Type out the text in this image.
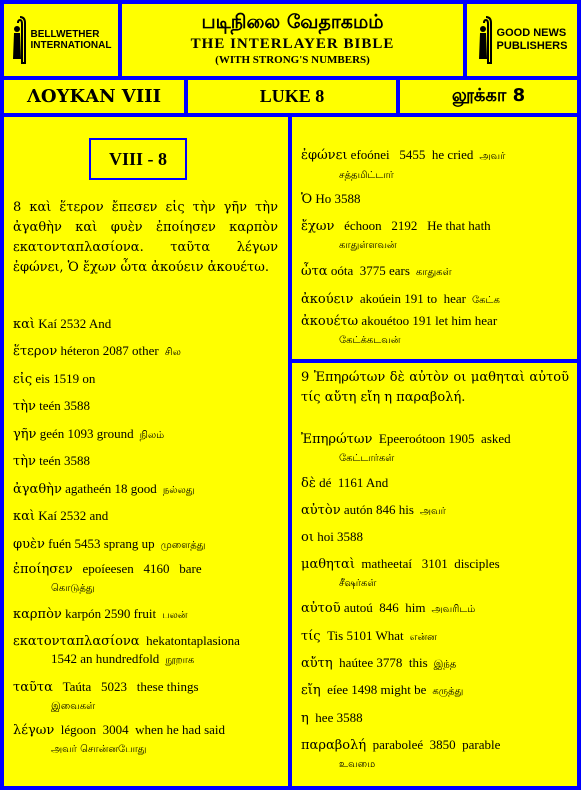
BELLWETHER
INTERNATIONAL
படிநிலை வேதாகமம்
THE INTERLAYER BIBLE
(WITH STRONG'S NUMBERS)
GOOD NEWS
PUBLISHERS
ΛΟΥΚΑΝ VIII	LUKE 8	லூக்கா 8
VIII - 8
8 καὶ ἕτερον ἔπεσεν εἰς τὴν γῆν τὴν ἀγαθὴν καὶ φυὲν ἐποίησεν καρπὸν εκατονταπλασίονα. ταῦτα λέγων ἐφώνει, Ὁ ἔχων ὦτα ἀκούειν ἀκουέτω.
καὶ Kaí 2532 And
ἕτερον héteron 2087 other சில
εἰς eis 1519 on
τὴν teén 3588
γῆν geén 1093 ground நிலம்
τὴν teén 3588
ἀγαθὴν agatheén 18 good நல்லது
καὶ Kaí 2532 and
φυὲν fuén 5453 sprang up முளைத்து
ἐποίησεν   epoíeesen   4160   bare
கொடுத்து
καρπὸν karpón 2590 fruit பலன்
εκατονταπλασίονα  hekatontaplasiona
1542 an hundredfold நூறாக
ταῦτα   Taúta   5023   these things
இவைகள்
λέγων  légoon  3004  when he had said
அவர் சொன்னபோது
ἐφώνει efoónei   5455  he cried அவர்
சத்தமிட்டார்
Ὁ Ho 3588
ἔχων   échoon   2192   He that hath
காதுள்ளவன்
ὦτα oóta  3775 ears காதுகள்
ἀκούειν  akoúein 191 to  hear கேட்க
ἀκουέτω akouétoo 191 let him hear
கேட்க்கடவன்
9 Ἐπηρώτων δὲ αὐτὸν οι μαθηταὶ αὐτοῦ τίς αὔτη εἴη η παραβολή.
Ἐπηρώτων  Epeeroótoon 1905  asked
கேட்டார்கள்
δὲ dé  1161 And
αὐτὸν autón 846 his அவர்
οι hoi 3588
μαθηταὶ  matheetaí   3101  disciples
சீஷர்கள்
αὐτοῦ autoú  846  him அவரிடம்
τίς  Tis 5101 What என்ன
αὔτη  haútee 3778  this இந்த
εἴη  eíee 1498 might be கருத்து
η  hee 3588
παραβολή  paraboleé  3850  parable
உவமை
